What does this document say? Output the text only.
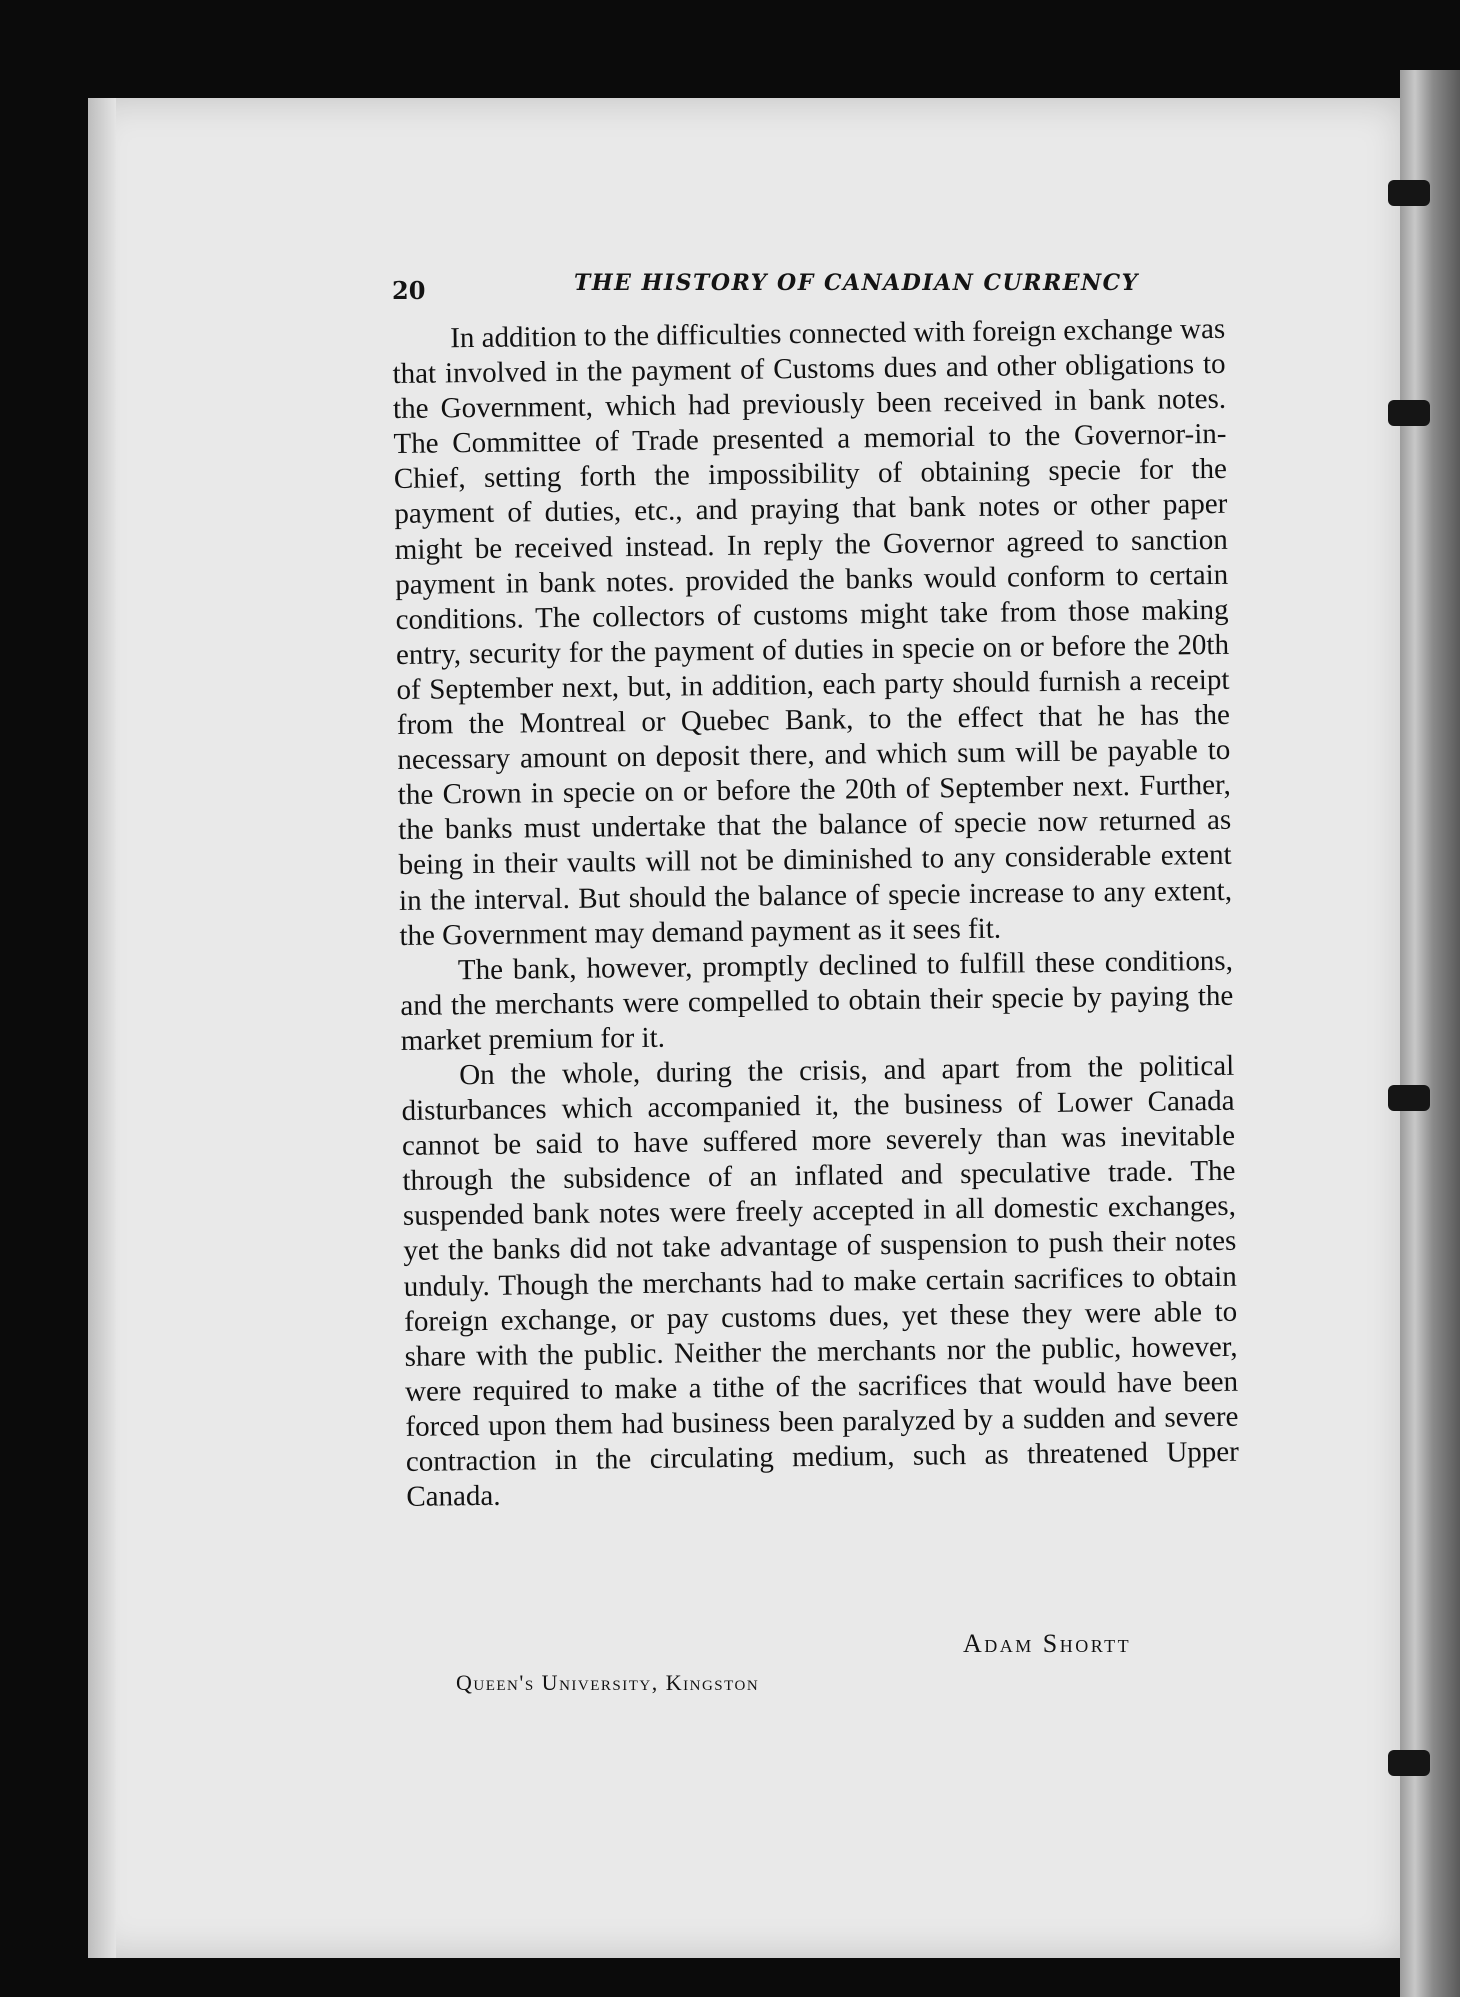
20	THE HISTORY OF CANADIAN CURRENCY

In addition to the difficulties connected with foreign exchange was that involved in the payment of Customs dues and other obligations to the Government, which had previously been received in bank notes. The Committee of Trade presented a memorial to the Governor-in-Chief, setting forth the impossibility of obtaining specie for the payment of duties, etc., and praying that bank notes or other paper might be received instead. In reply the Governor agreed to sanction payment in bank notes. provided the banks would conform to certain conditions. The collectors of customs might take from those making entry, security for the payment of duties in specie on or before the 20th of September next, but, in addition, each party should furnish a receipt from the Montreal or Quebec Bank, to the effect that he has the necessary amount on deposit there, and which sum will be payable to the Crown in specie on or before the 20th of September next. Further, the banks must undertake that the balance of specie now returned as being in their vaults will not be diminished to any considerable extent in the interval. But should the balance of specie increase to any extent, the Government may demand payment as it sees fit.

The bank, however, promptly declined to fulfill these conditions, and the merchants were compelled to obtain their specie by paying the market premium for it.

On the whole, during the crisis, and apart from the political disturbances which accompanied it, the business of Lower Canada cannot be said to have suffered more severely than was inevitable through the subsidence of an inflated and speculative trade. The suspended bank notes were freely accepted in all domestic exchanges, yet the banks did not take advantage of suspension to push their notes unduly. Though the merchants had to make certain sacrifices to obtain foreign exchange, or pay customs dues, yet these they were able to share with the public. Neither the merchants nor the public, however, were required to make a tithe of the sacrifices that would have been forced upon them had business been paralyzed by a sudden and severe contraction in the circulating medium, such as threatened Upper Canada.

Adam Shortt
Queen's University, Kingston
